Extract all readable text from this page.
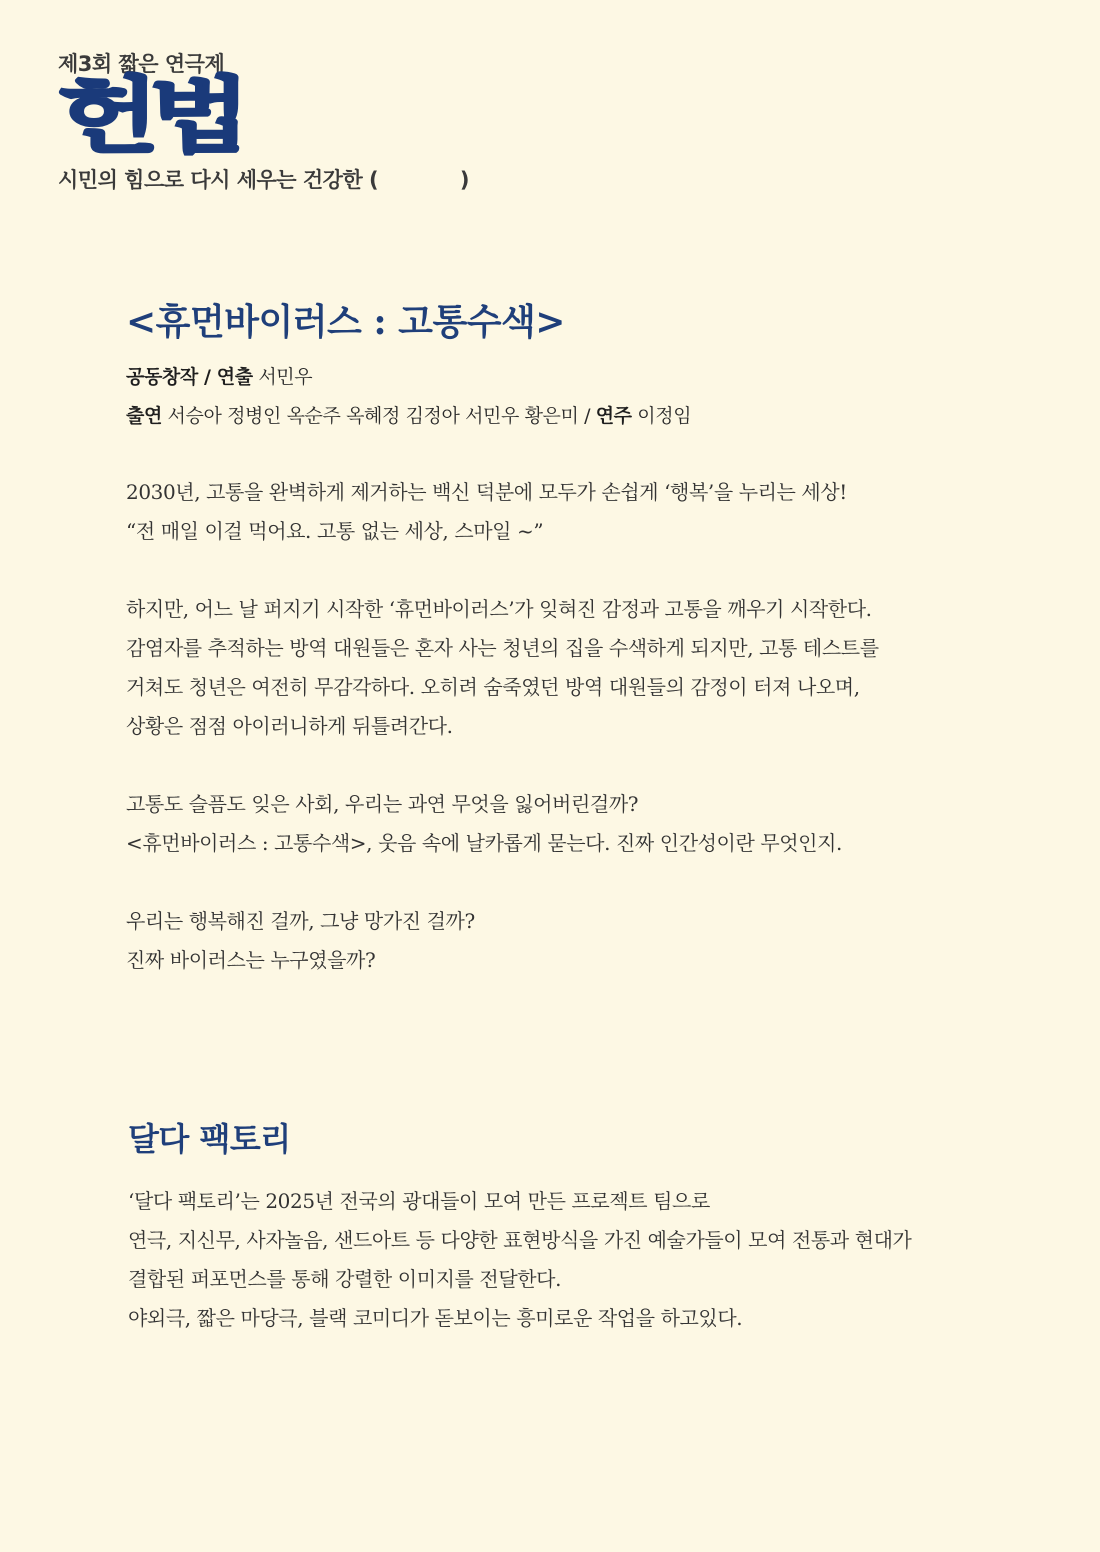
제3회 짧은 연극제
헌법
시민의 힘으로 다시 세우는 건강한 (            )
<휴먼바이러스 : 고통수색>
공동창작 / 연출 서민우
출연 서승아 정병인 옥순주 옥혜정 김정아 서민우 황은미 / 연주 이정임

2030년, 고통을 완벽하게 제거하는 백신 덕분에 모두가 손쉽게 ‘행복’을 누리는 세상!
“전 매일 이걸 먹어요. 고통 없는 세상, 스마일 ~”

하지만, 어느 날 퍼지기 시작한 ‘휴먼바이러스’가 잊혀진 감정과 고통을 깨우기 시작한다.
감염자를 추적하는 방역 대원들은 혼자 사는 청년의 집을 수색하게 되지만, 고통 테스트를
거쳐도 청년은 여전히 무감각하다. 오히려 숨죽였던 방역 대원들의 감정이 터져 나오며,
상황은 점점 아이러니하게 뒤틀려간다.

고통도 슬픔도 잊은 사회, 우리는 과연 무엇을 잃어버린걸까?
<휴먼바이러스 : 고통수색>, 웃음 속에 날카롭게 묻는다. 진짜 인간성이란 무엇인지.

우리는 행복해진 걸까, 그냥 망가진 걸까?
진짜 바이러스는 누구였을까?

달다 팩토리
‘달다 팩토리’는 2025년 전국의 광대들이 모여 만든 프로젝트 팀으로
연극, 지신무, 사자놀음, 샌드아트 등 다양한 표현방식을 가진 예술가들이 모여 전통과 현대가
결합된 퍼포먼스를 통해 강렬한 이미지를 전달한다.
야외극, 짧은 마당극, 블랙 코미디가 돋보이는 흥미로운 작업을 하고있다.
